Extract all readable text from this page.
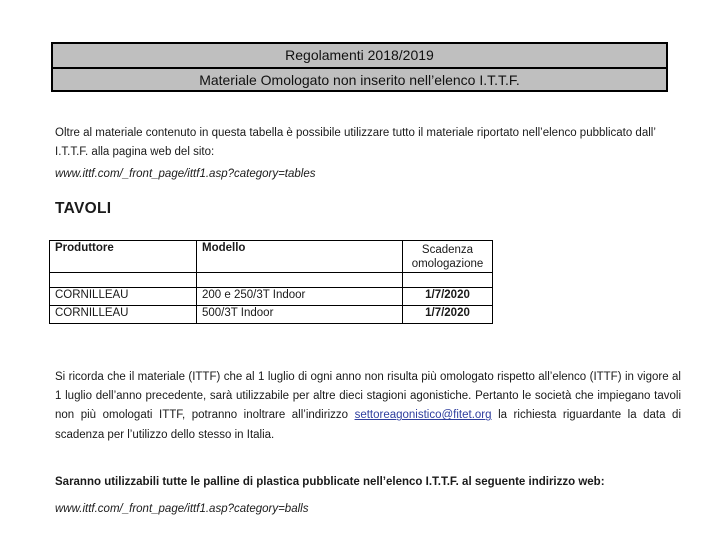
Regolamenti 2018/2019
Materiale Omologato non inserito nell’elenco I.T.T.F.

Oltre al materiale contenuto in questa tabella è possibile utilizzare tutto il materiale riportato nell’elenco pubblicato dall’ I.T.T.F. alla pagina web del sito:

www.ittf.com/_front_page/ittf1.asp?category=tables

TAVOLI
Produttore	Modello	Scadenza omologazione

CORNILLEAU	200 e 250/3T Indoor	1/7/2020
CORNILLEAU	500/3T Indoor	1/7/2020

Si ricorda che il materiale (ITTF) che al 1 luglio di ogni anno non risulta più omologato rispetto all’elenco (ITTF) in vigore al 1 luglio dell’anno precedente, sarà utilizzabile per altre dieci stagioni agonistiche. Pertanto le società che impiegano tavoli non più omologati ITTF, potranno inoltrare all’indirizzo settoreagonistico@fitet.org la richiesta riguardante la data di scadenza per l’utilizzo dello stesso in Italia.

Saranno utilizzabili tutte le palline di plastica pubblicate nell’elenco I.T.T.F. al seguente indirizzo web:

www.ittf.com/_front_page/ittf1.asp?category=balls
